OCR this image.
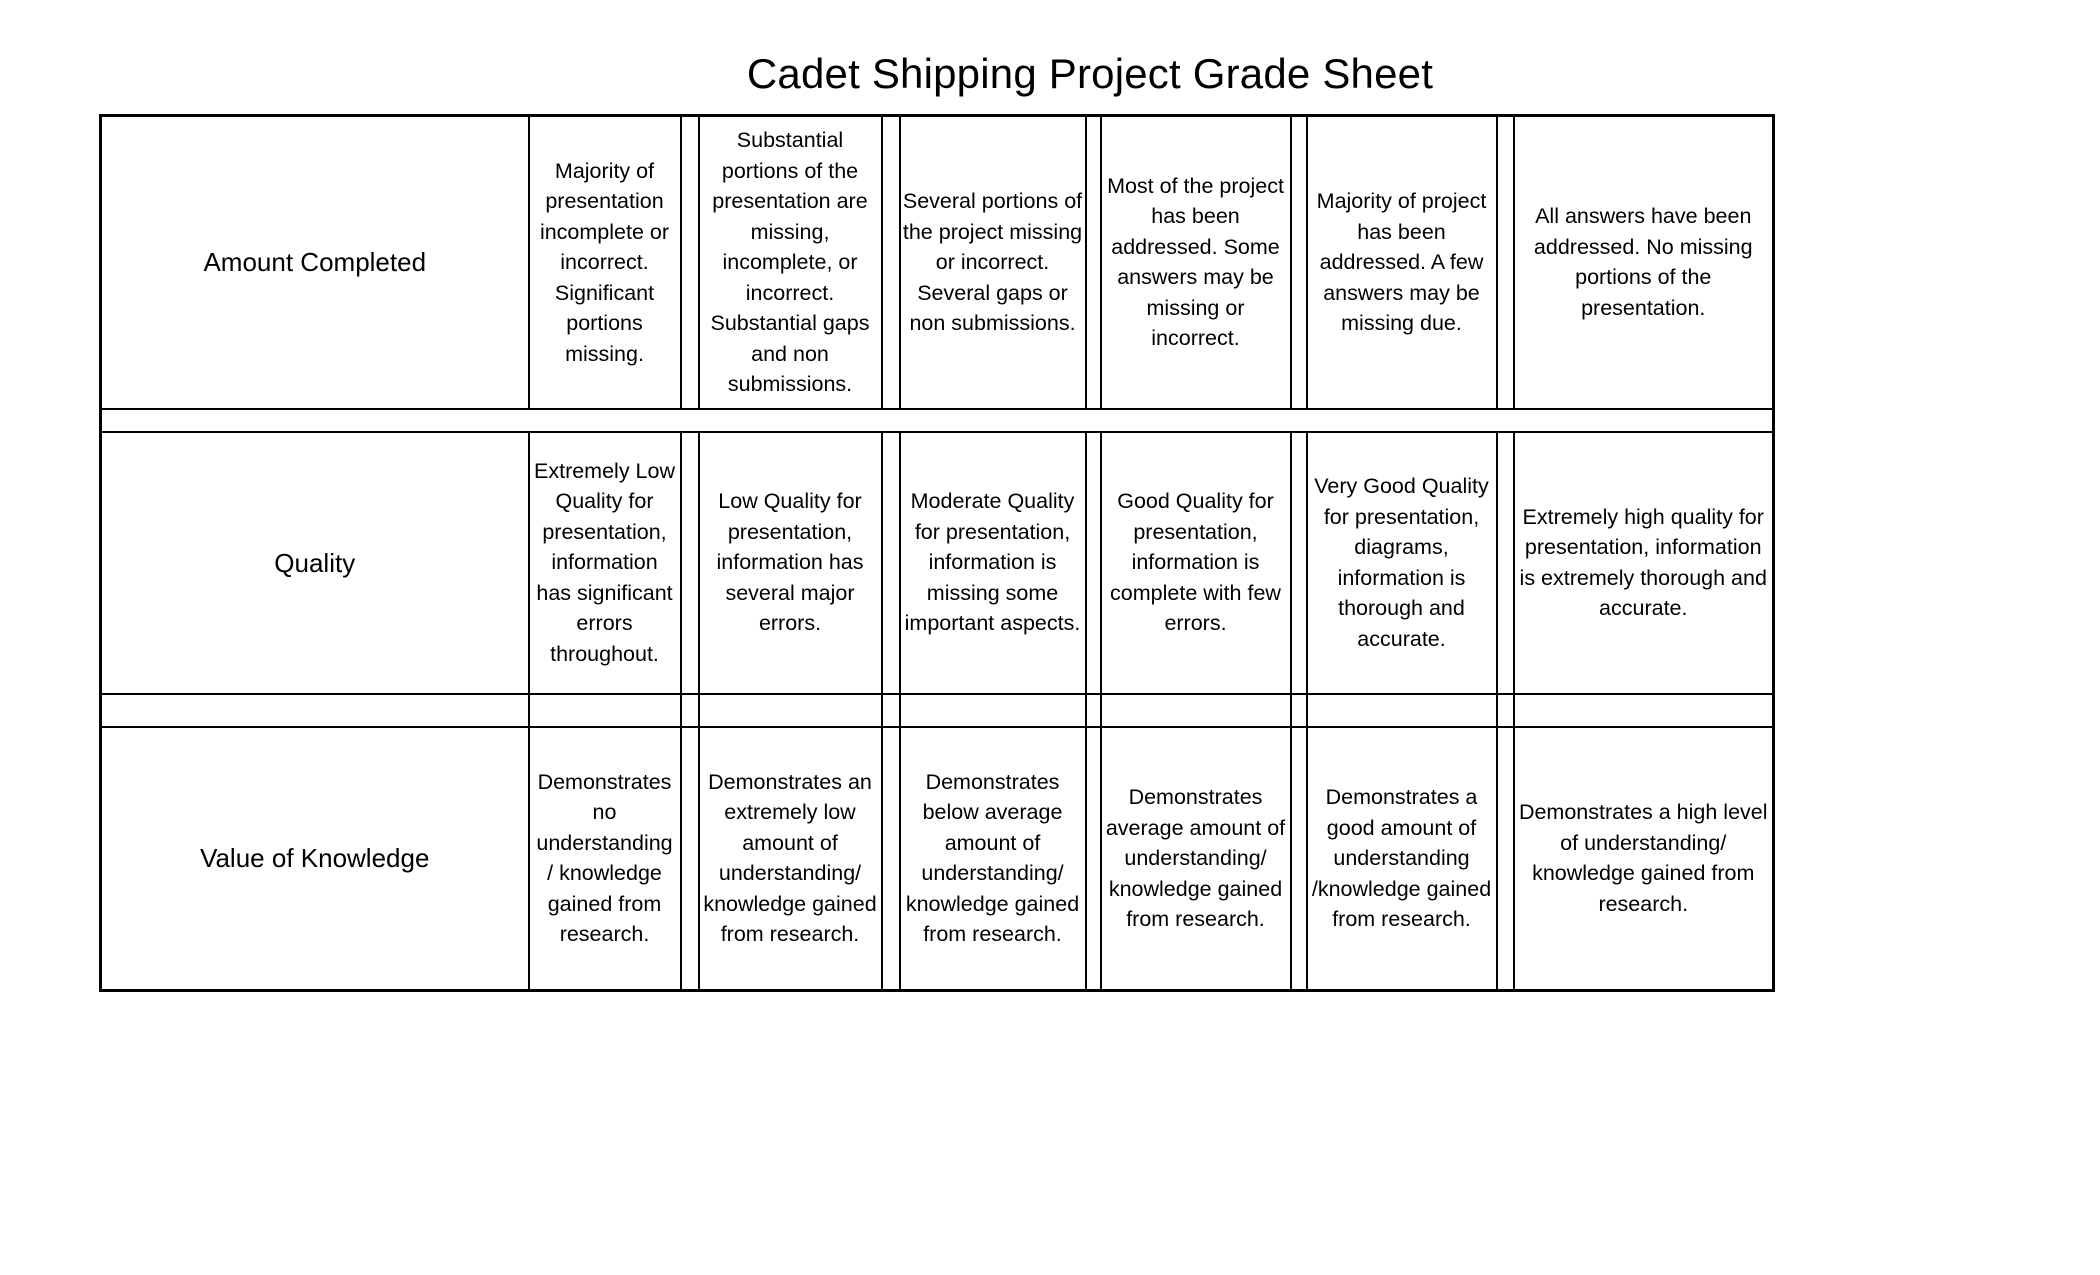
Cadet Shipping Project Grade Sheet
Amount Completed	Majority of presentation incomplete or incorrect. Significant portions missing.		Substantial portions of the presentation are missing, incomplete, or incorrect. Substantial gaps and non submissions.		Several portions of the project missing or incorrect. Several gaps or non submissions.		Most of the project has been addressed. Some answers may be missing or incorrect.		Majority of project has been addressed. A few answers may be missing due.		All answers have been addressed. No missing portions of the presentation.

Quality	Extremely Low Quality for presentation, information has significant errors throughout.		Low Quality for presentation, information has several major errors.		Moderate Quality for presentation, information is missing some important aspects.		Good Quality for presentation, information is complete with few errors.		Very Good Quality for presentation, diagrams, information is thorough and accurate.		Extremely high quality for presentation, information is extremely thorough and accurate.

Value of Knowledge	Demonstrates no understanding / knowledge gained from research.		Demonstrates an extremely low amount of understanding/ knowledge gained from research.		Demonstrates below average amount of understanding/ knowledge gained from research.		Demonstrates average amount of understanding/ knowledge gained from research.		Demonstrates a good amount of understanding /knowledge gained from research.		Demonstrates a high level of understanding/ knowledge gained from research.
